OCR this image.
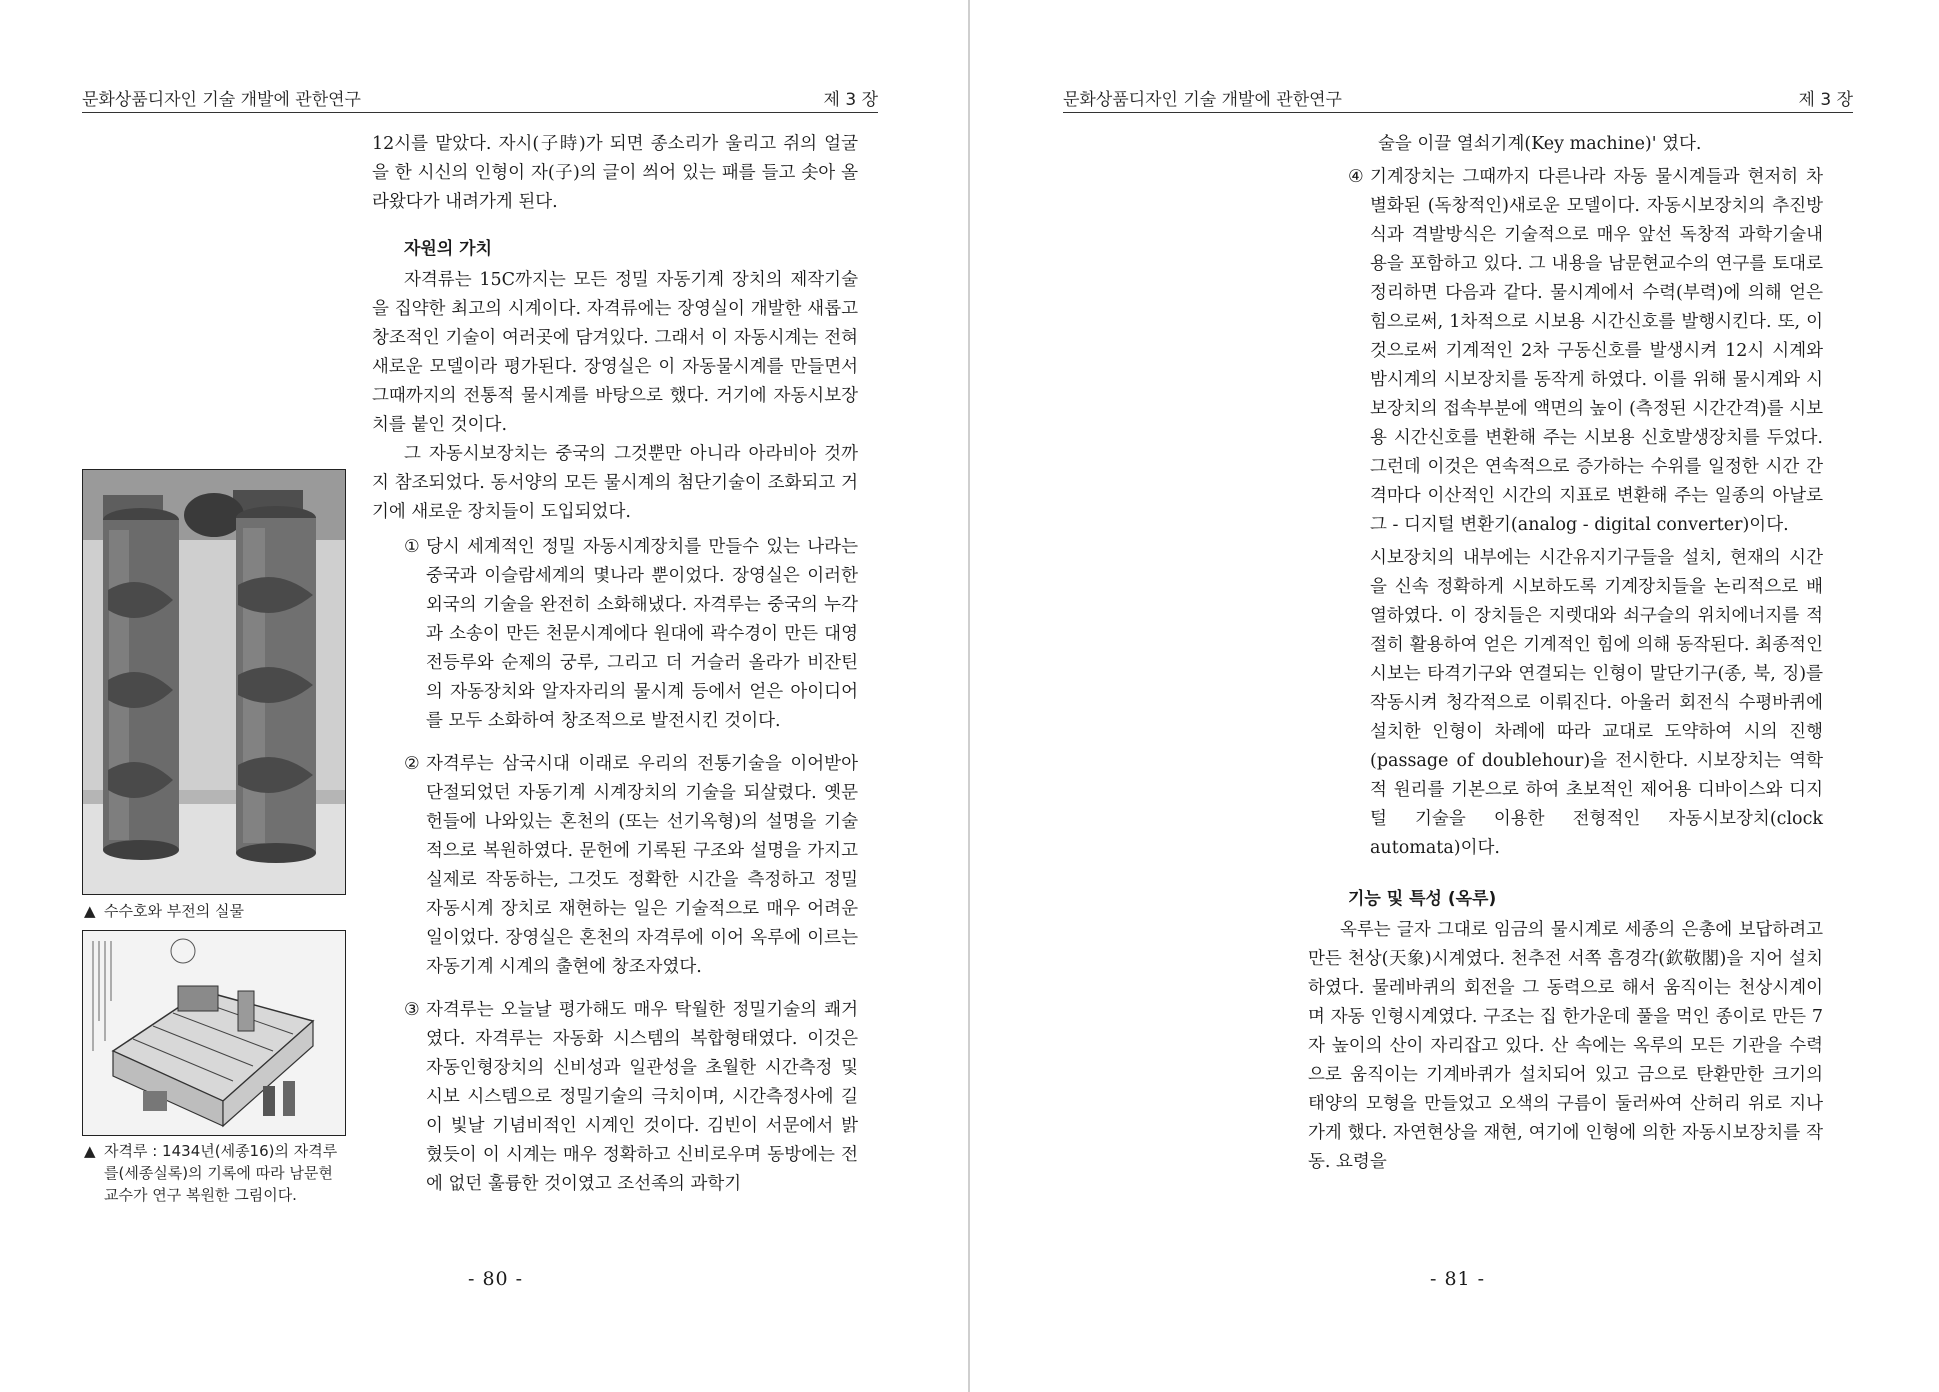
문화상품디자인 기술 개발에 관한연구	제 3 장
▲ 수수호와 부전의 실물
▲ 자격루 : 1434년(세종16)의 자격루를(세종실록)의 기록에 따라 남문현 교수가 연구 복원한 그림이다.

12시를 맡았다. 자시(子時)가 되면 종소리가 울리고 쥐의 얼굴을 한 시신의 인형이 자(子)의 글이 씌어 있는 패를 들고 솟아 올라왔다가 내려가게 된다.

자원의 가치

자격류는 15C까지는 모든 정밀 자동기계 장치의 제작기술을 집약한 최고의 시계이다. 자격류에는 장영실이 개발한 새롭고 창조적인 기술이 여러곳에 담겨있다. 그래서 이 자동시계는 전혀 새로운 모델이라 평가된다. 장영실은 이 자동물시계를 만들면서 그때까지의 전통적 물시계를 바탕으로 했다. 거기에 자동시보장치를 붙인 것이다.

그 자동시보장치는 중국의 그것뿐만 아니라 아라비아 것까지 참조되었다. 동서양의 모든 물시계의 첨단기술이 조화되고 거기에 새로운 장치들이 도입되었다.

① 당시 세계적인 정밀 자동시계장치를 만들수 있는 나라는 중국과 이슬람세계의 몇나라 뿐이었다. 장영실은 이러한 외국의 기술을 완전히 소화해냈다. 자격루는 중국의 누각과 소송이 만든 천문시계에다 원대에 곽수경이 만든 대영전등루와 순제의 궁루, 그리고 더 거슬러 올라가 비잔틴의 자동장치와 알자자리의 물시계 등에서 얻은 아이디어를 모두 소화하여 창조적으로 발전시킨 것이다.

② 자격루는 삼국시대 이래로 우리의 전통기술을 이어받아 단절되었던 자동기계 시계장치의 기술을 되살렸다. 옛문헌들에 나와있는 혼천의 (또는 선기옥형)의 설명을 기술적으로 복원하였다. 문헌에 기록된 구조와 설명을 가지고 실제로 작동하는, 그것도 정확한 시간을 측정하고 정밀 자동시계 장치로 재현하는 일은 기술적으로 매우 어려운 일이었다. 장영실은 혼천의 자격루에 이어 옥루에 이르는 자동기계 시계의 출현에 창조자였다.

③ 자격루는 오늘날 평가해도 매우 탁월한 정밀기술의 쾌거였다. 자격루는 자동화 시스템의 복합형태였다. 이것은 자동인형장치의 신비성과 일관성을 초월한 시간측정 및 시보 시스템으로 정밀기술의 극치이며, 시간측정사에 길이 빛날 기념비적인 시계인 것이다. 김빈이 서문에서 밝혔듯이 이 시계는 매우 정확하고 신비로우며 동방에는 전에 없던 훌륭한 것이였고 조선족의 과학기

- 80 -
문화상품디자인 기술 개발에 관한연구	제 3 장

술을 이끌 열쇠기계(Key machine)' 였다.

④ 기계장치는 그때까지 다른나라 자동 물시계들과 현저히 차별화된 (독창적인)새로운 모델이다. 자동시보장치의 추진방식과 격발방식은 기술적으로 매우 앞선 독창적 과학기술내용을 포함하고 있다. 그 내용을 남문현교수의 연구를 토대로 정리하면 다음과 같다. 물시계에서 수력(부력)에 의해 얻은 힘으로써, 1차적으로 시보용 시간신호를 발행시킨다. 또, 이것으로써 기계적인 2차 구동신호를 발생시켜 12시 시계와 밤시계의 시보장치를 동작게 하였다. 이를 위해 물시계와 시보장치의 접속부분에 액면의 높이 (측정된 시간간격)를 시보용 시간신호를 변환해 주는 시보용 신호발생장치를 두었다. 그런데 이것은 연속적으로 증가하는 수위를 일정한 시간 간격마다 이산적인 시간의 지표로 변환해 주는 일종의 아날로그 - 디지털 변환기(analog - digital converter)이다.

시보장치의 내부에는 시간유지기구들을 설치, 현재의 시간을 신속 정확하게 시보하도록 기계장치들을 논리적으로 배열하였다. 이 장치들은 지렛대와 쇠구슬의 위치에너지를 적절히 활용하여 얻은 기계적인 힘에 의해 동작된다. 최종적인 시보는 타격기구와 연결되는 인형이 말단기구(종, 북, 징)를 작동시켜 청각적으로 이뤄진다. 아울러 회전식 수평바퀴에 설치한 인형이 차례에 따라 교대로 도약하여 시의 진행(passage of doublehour)을 전시한다. 시보장치는 역학적 원리를 기본으로 하여 초보적인 제어용 디바이스와 디지털 기술을 이용한 전형적인 자동시보장치(clock automata)이다.

기능 및 특성 (옥루)

옥루는 글자 그대로 임금의 물시계로 세종의 은총에 보답하려고 만든 천상(天象)시계였다. 천추전 서쪽 흠경각(欽敬閣)을 지어 설치하였다. 물레바퀴의 회전을 그 동력으로 해서 움직이는 천상시계이며 자동 인형시계였다. 구조는 집 한가운데 풀을 먹인 종이로 만든 7자 높이의 산이 자리잡고 있다. 산 속에는 옥루의 모든 기관을 수력으로 움직이는 기계바퀴가 설치되어 있고 금으로 탄환만한 크기의 태양의 모형을 만들었고 오색의 구름이 둘러싸여 산허리 위로 지나가게 했다. 자연현상을 재현, 여기에 인형에 의한 자동시보장치를 작동. 요령을

- 81 -
